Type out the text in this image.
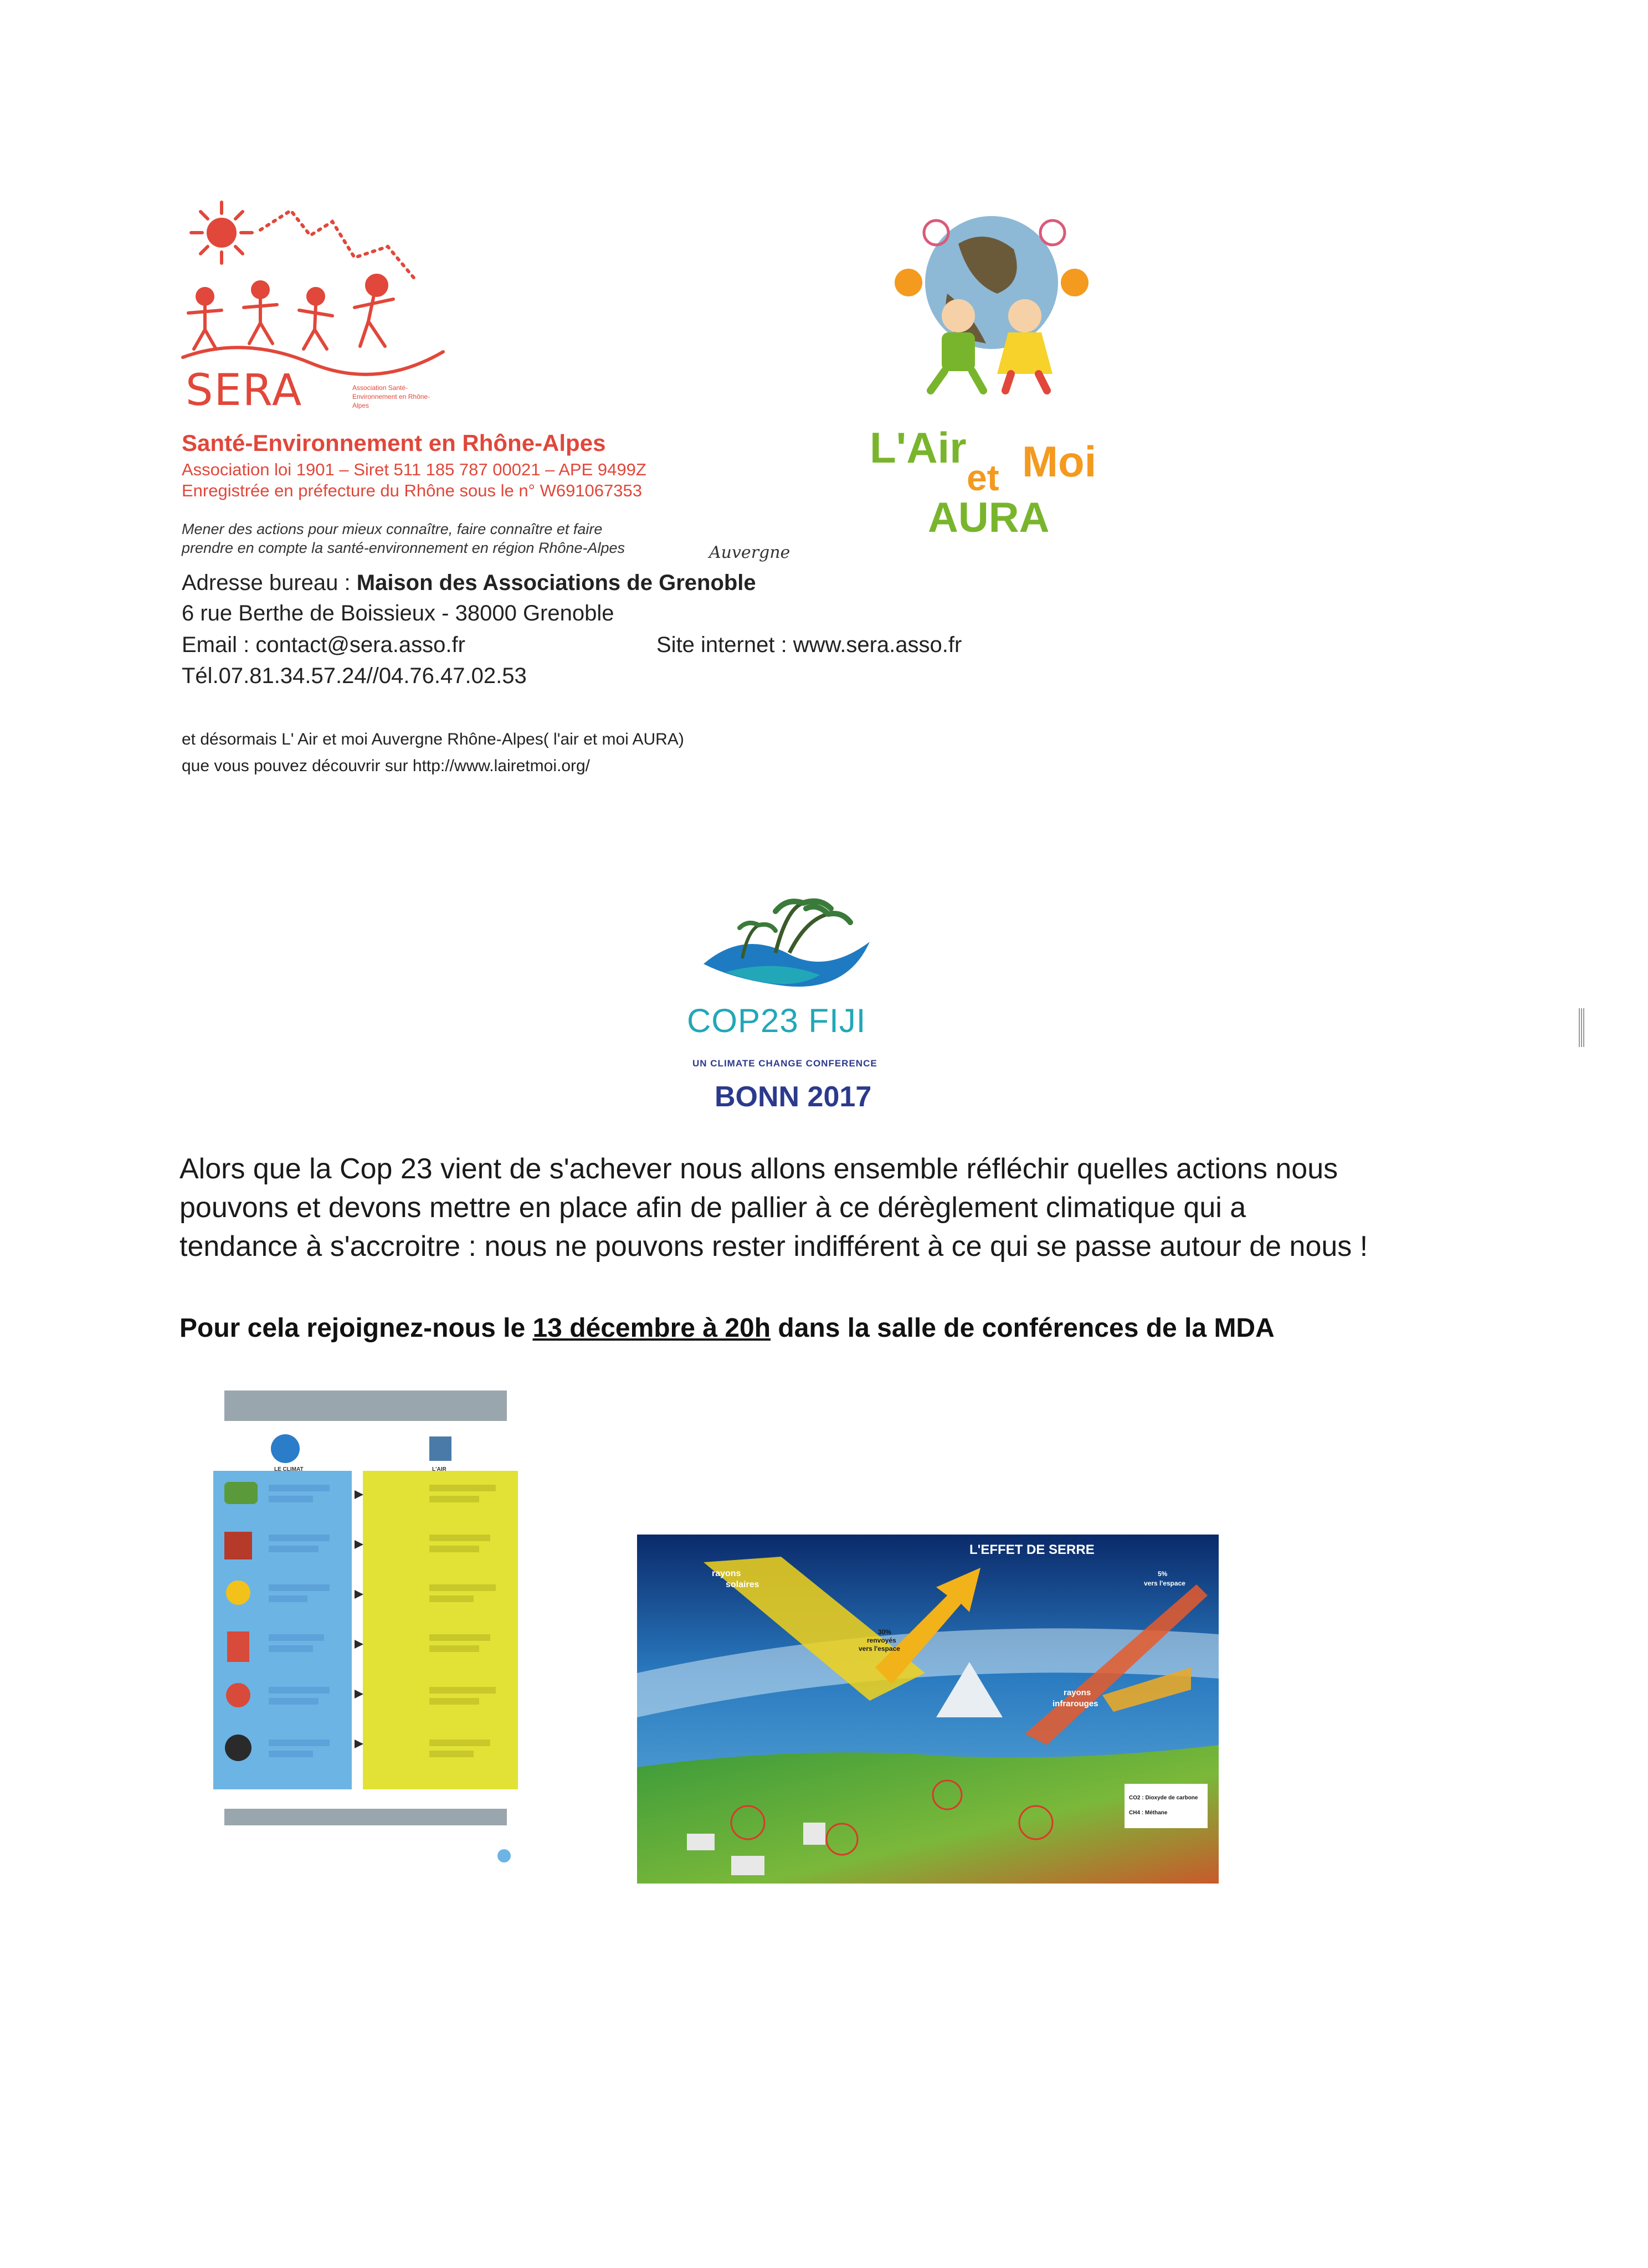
SERA	Association Santé-Environnement en Rhône-Alpes
Santé-Environnement en Rhône-Alpes
Association loi 1901 – Siret 511 185 787 00021 – APE 9499Z
Enregistrée en préfecture du Rhône sous le n° W691067353
Mener des actions pour mieux connaître, faire connaître et faire
prendre en compte la santé-environnement en région Rhône-Alpes	Auvergne
Adresse bureau : Maison des Associations de Grenoble
6 rue Berthe de Boissieux - 38000 Grenoble
Email : contact@sera.asso.fr	Site internet : www.sera.asso.fr
Tél.07.81.34.57.24//04.76.47.02.53
et désormais L' Air et moi Auvergne Rhône-Alpes( l'air et moi AURA)
que vous pouvez découvrir sur http://www.lairetmoi.org/
L'Air
et Moi
AURA
COP23 FIJI
UN CLIMATE CHANGE CONFERENCE
BONN 2017
Alors que la Cop 23 vient de s'achever nous allons ensemble réfléchir quelles actions nous
pouvons et devons mettre en place afin de pallier à ce dérèglement climatique qui a
tendance à s'accroitre : nous ne pouvons rester indifférent à ce qui se passe autour de nous !
Pour cela rejoignez-nous le 13 décembre à 20h dans la salle de conférences de la MDA
LE CLIMAT	L'AIR
L'EFFET DE SERRE
rayons
solaires
30%
renvoyés
vers l'espace
5%
vers l'espace
rayons
infrarouges
CO2 : Dioxyde de carbone
CH4 : Méthane
